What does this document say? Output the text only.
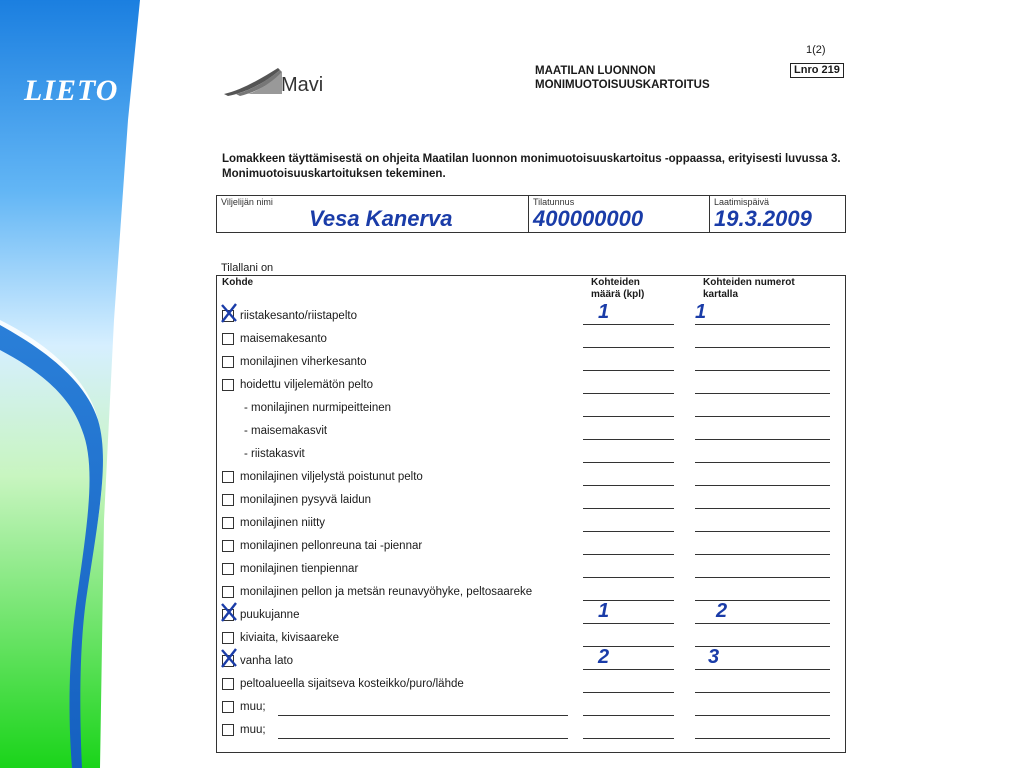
LIETO	Mavi
1(2)
Lnro 219
MAATILAN LUONNON
MONIMUOTOISUUSKARTOITUS
Lomakkeen täyttämisestä on ohjeita Maatilan luonnon monimuotoisuuskartoitus -oppaassa, erityisesti luvussa 3. Monimuotoisuuskartoituksen tekeminen.
Viljelijän nimi
Vesa Kanerva
Tilatunnus
400000000
Laatimispäivä
19.3.2009
Tilallani on
Kohde	Kohteiden
määrä (kpl)
Kohteiden numerot
kartalla
riistakesanto/riistapelto	1	1
maisemakesanto
monilajinen viherkesanto
hoidettu viljelemätön pelto
- monilajinen nurmipeitteinen
- maisemakasvit
- riistakasvit
monilajinen viljelystä poistunut pelto
monilajinen pysyvä laidun
monilajinen niitty
monilajinen pellonreuna tai -piennar
monilajinen tienpiennar
monilajinen pellon ja metsän reunavyöhyke, peltosaareke
puukujanne	1	2
kiviaita, kivisaareke
vanha lato	2	3
peltoalueella sijaitseva kosteikko/puro/lähde
muu;
muu;
